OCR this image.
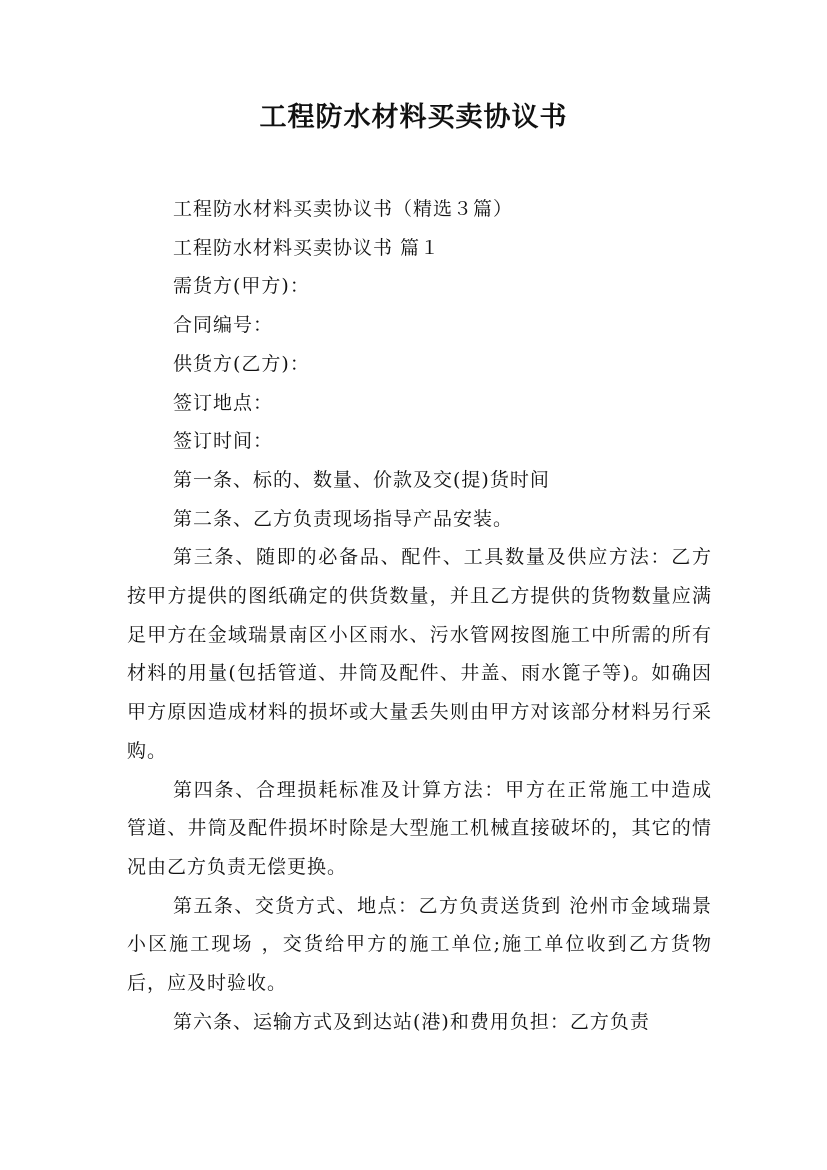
工程防水材料买卖协议书
工程防水材料买卖协议书（精选３篇）
工程防水材料买卖协议书 篇１
需货方(甲方)：
合同编号：
供货方(乙方)：
签订地点：
签订时间：
第一条、标的、数量、价款及交(提)货时间
第二条、乙方负责现场指导产品安装。

第三条、随即的必备品、配件、工具数量及供应方法：乙方按甲方提供的图纸确定的供货数量，并且乙方提供的货物数量应满足甲方在金域瑞景南区小区雨水、污水管网按图施工中所需的所有材料的用量(包括管道、井筒及配件、井盖、雨水篦子等)。如确因甲方原因造成材料的损坏或大量丢失则由甲方对该部分材料另行采购。

第四条、合理损耗标准及计算方法：甲方在正常施工中造成管道、井筒及配件损坏时除是大型施工机械直接破坏的，其它的情况由乙方负责无偿更换。

第五条、交货方式、地点：乙方负责送货到 沧州市金域瑞景小区施工现场 ，交货给甲方的施工单位;施工单位收到乙方货物后，应及时验收。

第六条、运输方式及到达站(港)和费用负担：乙方负责
